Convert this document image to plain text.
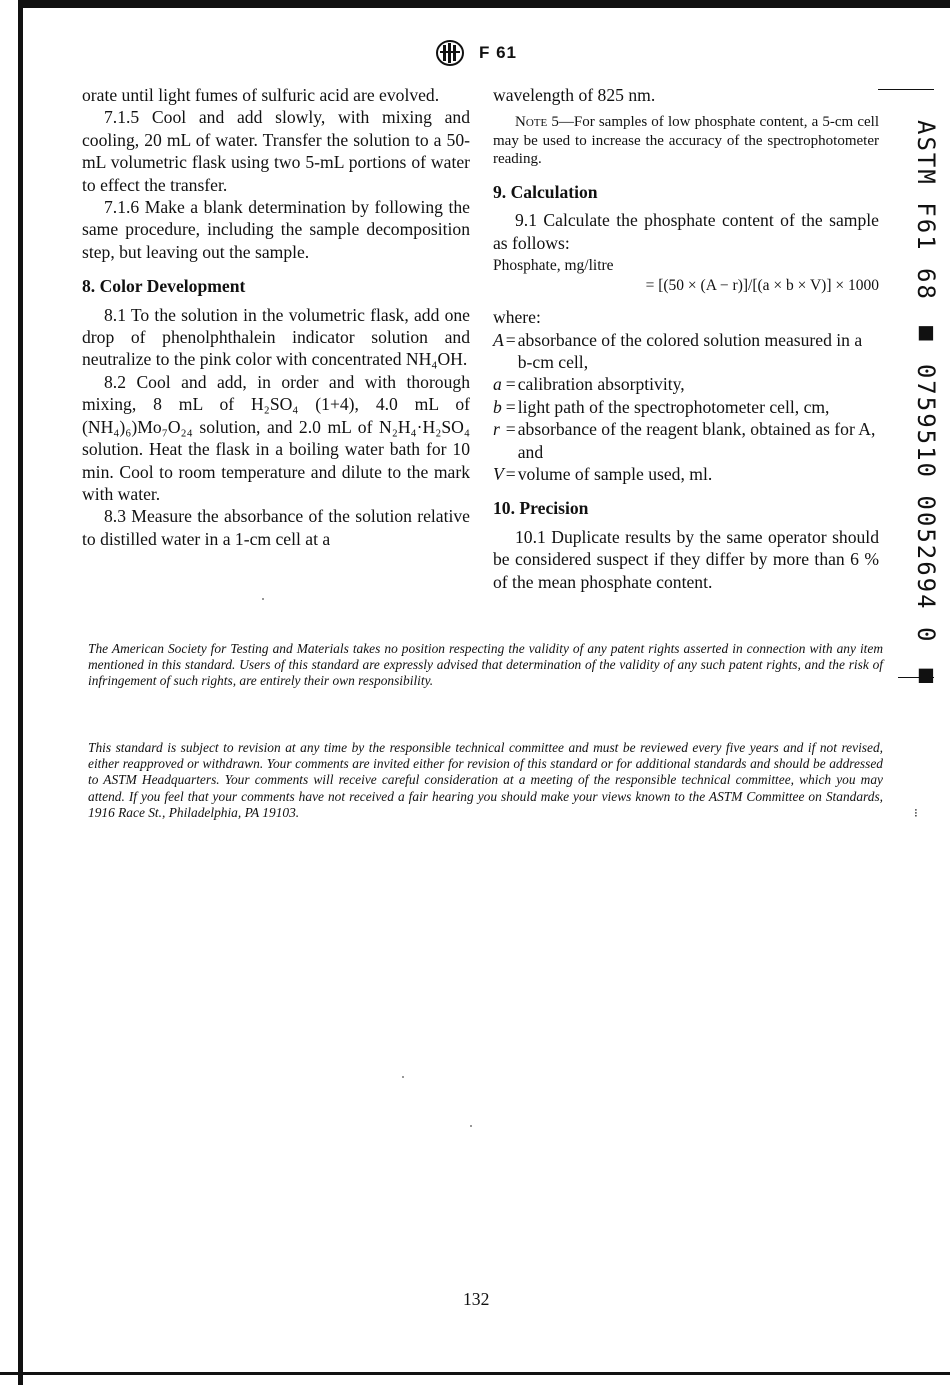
F 61

orate until light fumes of sulfuric acid are evolved.

7.1.5 Cool and add slowly, with mixing and cooling, 20 mL of water. Transfer the solution to a 50-mL volumetric flask using two 5-mL portions of water to effect the transfer.

7.1.6 Make a blank determination by following the same procedure, including the sample decomposition step, but leaving out the sample.

8. Color Development

8.1 To the solution in the volumetric flask, add one drop of phenolphthalein indicator solution and neutralize to the pink color with concentrated NH₄OH.

8.2 Cool and add, in order and with thorough mixing, 8 mL of H₂SO₄ (1+4), 4.0 mL of (NH₄)₆)Mo₇O₂₄ solution, and 2.0 mL of N₂H₄·H₂SO₄ solution. Heat the flask in a boiling water bath for 10 min. Cool to room temperature and dilute to the mark with water.

8.3 Measure the absorbance of the solution relative to distilled water in a 1-cm cell at a

wavelength of 825 nm.

Note 5—For samples of low phosphate content, a 5-cm cell may be used to increase the accuracy of the spectrophotometer reading.

9. Calculation

9.1 Calculate the phosphate content of the sample as follows:

Phosphate, mg/litre

= [(50 × (A − r)]/[(a × b × V)] × 1000

where:

A	=	absorbance of the colored solution measured in a b-cm cell,
a	=	calibration absorptivity,
b	=	light path of the spectrophotometer cell, cm,
r	=	absorbance of the reagent blank, obtained as for A, and
V	=	volume of sample used, ml.

10. Precision

10.1 Duplicate results by the same operator should be considered suspect if they differ by more than 6 % of the mean phosphate content.

The American Society for Testing and Materials takes no position respecting the validity of any patent rights asserted in connection with any item mentioned in this standard. Users of this standard are expressly advised that determination of the validity of any such patent rights, and the risk of infringement of such rights, are entirely their own responsibility.

This standard is subject to revision at any time by the responsible technical committee and must be reviewed every five years and if not revised, either reapproved or withdrawn. Your comments are invited either for revision of this standard or for additional standards and should be addressed to ASTM Headquarters. Your comments will receive careful consideration at a meeting of the responsible technical committee, which you may attend. If you feel that your comments have not received a fair hearing you should make your views known to the ASTM Committee on Standards, 1916 Race St., Philadelphia, PA 19103.

132
ASTM F61 68 ■ 0759510 0052694 0 ■
⁝
